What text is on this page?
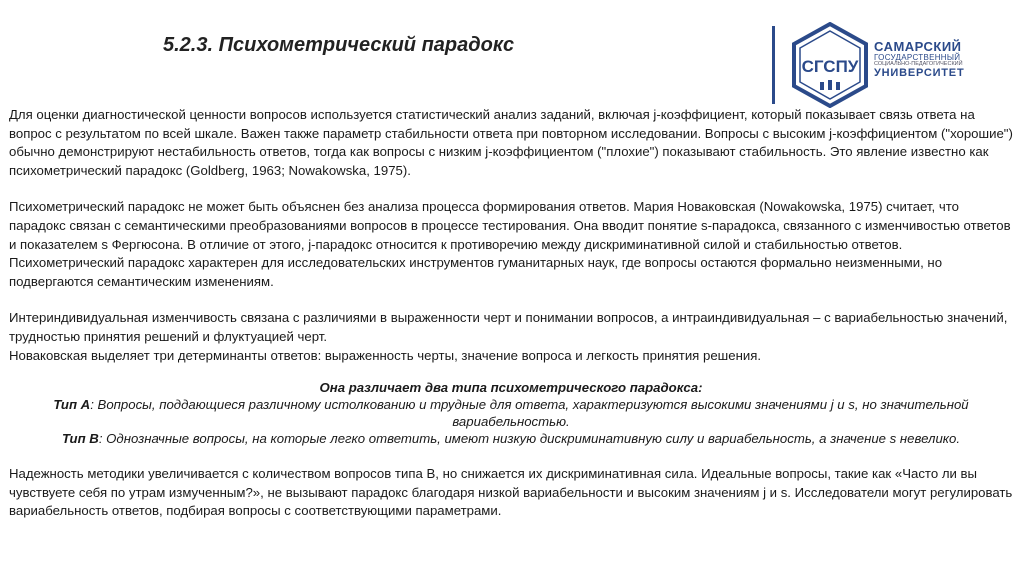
5.2.3. Психометрический парадокс
СГСПУ
САМАРСКИЙ
ГОСУДАРСТВЕННЫЙ
СОЦИАЛЬНО-ПЕДАГОГИЧЕСКИЙ
УНИВЕРСИТЕТ

Для оценки диагностической ценности вопросов используется статистический анализ заданий, включая j-коэффициент, который показывает связь ответа на вопрос с результатом по всей шкале. Важен также параметр стабильности ответа при повторном исследовании. Вопросы с высоким j-коэффициентом ("хорошие") обычно демонстрируют нестабильность ответов, тогда как вопросы с низким j-коэффициентом ("плохие") показывают стабильность. Это явление известно как психометрический парадокс (Goldberg, 1963; Nowakowska, 1975).

Психометрический парадокс не может быть объяснен без анализа процесса формирования ответов. Мария Новаковская (Nowakowska, 1975) считает, что парадокс связан с семантическими преобразованиями вопросов в процессе тестирования. Она вводит понятие s-парадокса, связанного с изменчивостью ответов и показателем s Фергюсона. В отличие от этого, j-парадокс относится к противоречию между дискриминативной силой и стабильностью ответов. Психометрический парадокс характерен для исследовательских инструментов гуманитарных наук, где вопросы остаются формально неизменными, но подвергаются семантическим изменениям.

Интериндивидуальная изменчивость связана с различиями в выраженности черт и понимании вопросов, а интраиндивидуальная – с вариабельностью значений, трудностью принятия решений и флуктуацией черт.

Новаковская выделяет три детерминанты ответов: выраженность черты, значение вопроса и легкость принятия решения.

Она различает два типа психометрического парадокса:

Тип А: Вопросы, поддающиеся различному истолкованию и трудные для ответа, характеризуются высокими значениями j и s, но значительной вариабельностью.

Тип В: Однозначные вопросы, на которые легко ответить, имеют низкую дискриминативную силу и вариабельность, а значение s невелико.

Надежность методики увеличивается с количеством вопросов типа В, но снижается их дискриминативная сила. Идеальные вопросы, такие как «Часто ли вы чувствуете себя по утрам измученным?», не вызывают парадокс благодаря низкой вариабельности и высоким значениям j и s. Исследователи могут регулировать вариабельность ответов, подбирая вопросы с соответствующими параметрами.
